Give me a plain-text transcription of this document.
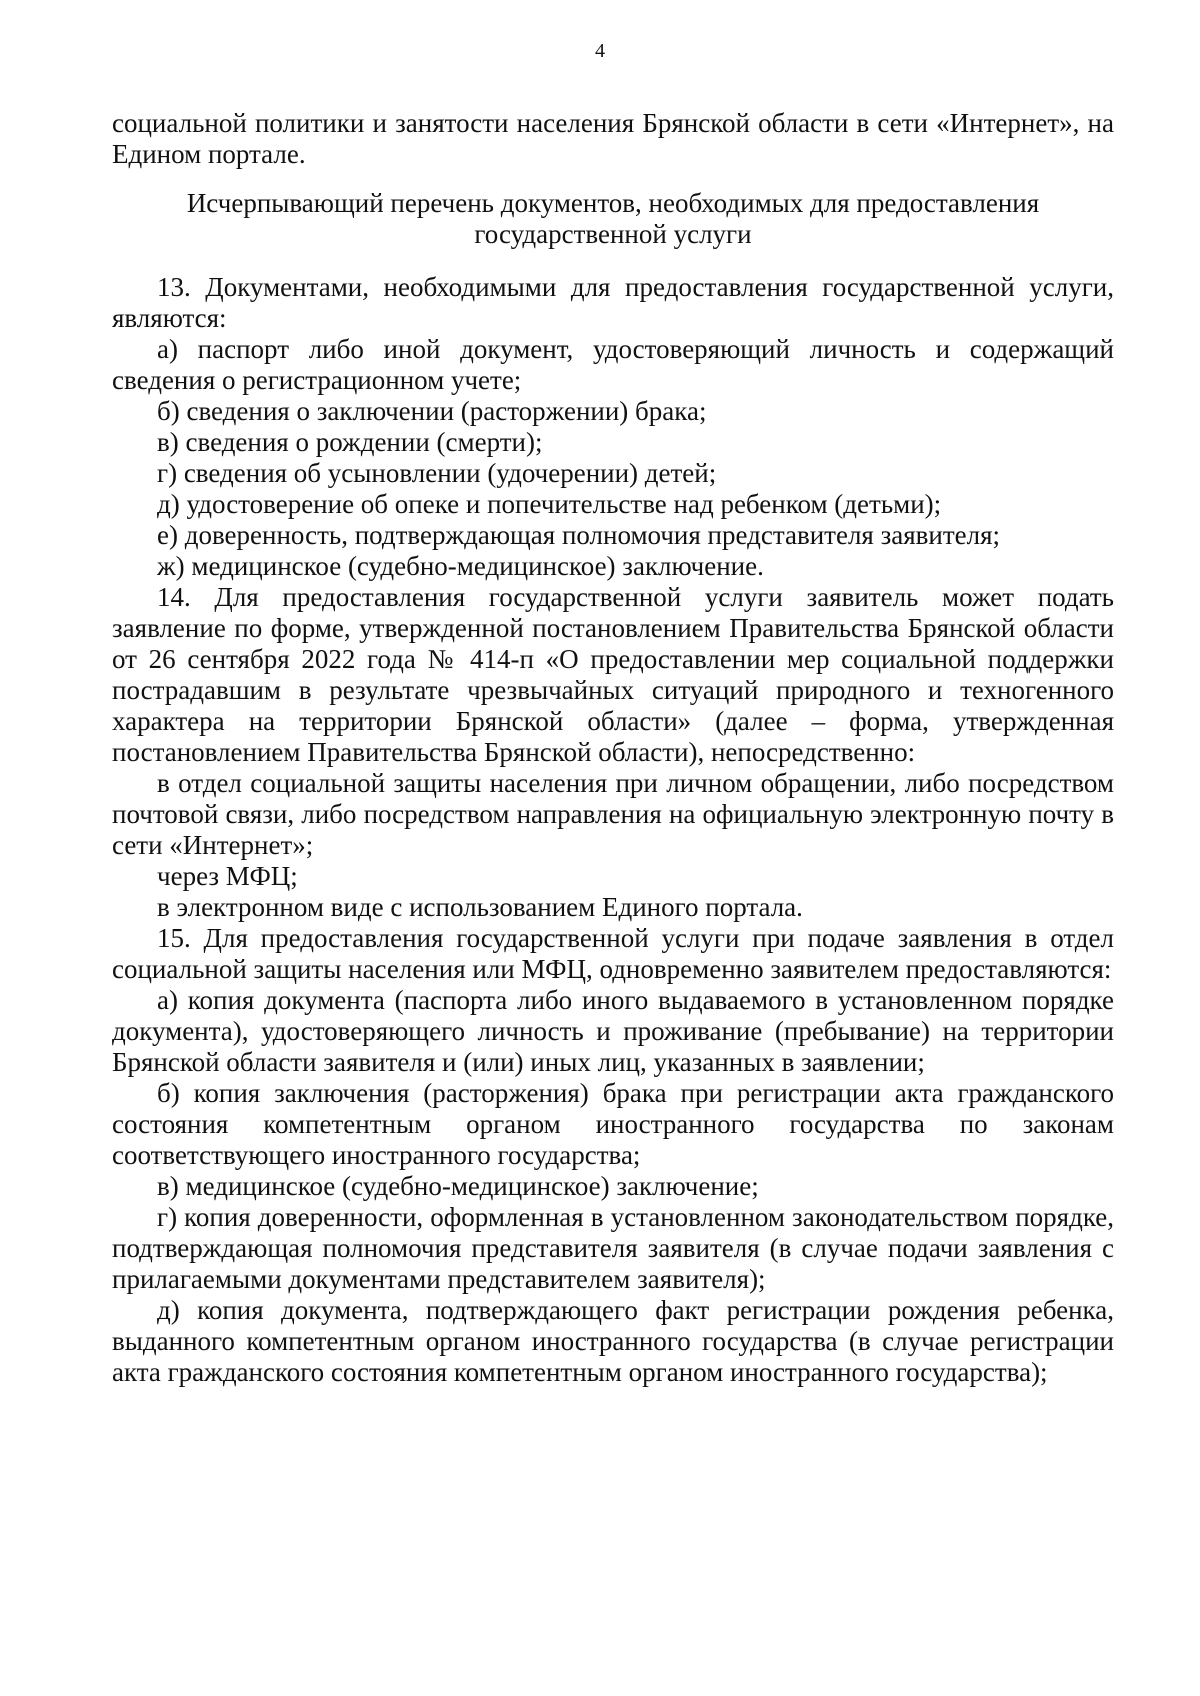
4

социальной политики и занятости населения Брянской области в сети «Интернет», на Едином портале.

Исчерпывающий перечень документов, необходимых для предоставления
государственной услуги

13. Документами, необходимыми для предоставления государственной услуги, являются:

а) паспорт либо иной документ, удостоверяющий личность и содержащий сведения о регистрационном учете;

б) сведения о заключении (расторжении) брака;

в) сведения о рождении (смерти);

г) сведения об усыновлении (удочерении) детей;

д) удостоверение об опеке и попечительстве над ребенком (детьми);

е) доверенность, подтверждающая полномочия представителя заявителя;

ж) медицинское (судебно-медицинское) заключение.

14. Для предоставления государственной услуги заявитель может подать заявление по форме, утвержденной постановлением Правительства Брянской области от 26 сентября 2022 года № 414-п «О предоставлении мер социальной поддержки пострадавшим в результате чрезвычайных ситуаций природного и техногенного характера на территории Брянской области» (далее – форма, утвержденная постановлением Правительства Брянской области), непосредственно:

в отдел социальной защиты населения при личном обращении, либо посредством почтовой связи, либо посредством направления на официальную электронную почту в сети «Интернет»;

через МФЦ;

в электронном виде с использованием Единого портала.

15. Для предоставления государственной услуги при подаче заявления в отдел социальной защиты населения или МФЦ, одновременно заявителем предоставляются:

а) копия документа (паспорта либо иного выдаваемого в установленном порядке документа), удостоверяющего личность и проживание (пребывание) на территории Брянской области заявителя и (или) иных лиц, указанных в заявлении;

б) копия заключения (расторжения) брака при регистрации акта гражданского состояния компетентным органом иностранного государства по законам соответствующего иностранного государства;

в) медицинское (судебно-медицинское) заключение;

г) копия доверенности, оформленная в установленном законодательством порядке, подтверждающая полномочия представителя заявителя (в случае подачи заявления с прилагаемыми документами представителем заявителя);

д) копия документа, подтверждающего факт регистрации рождения ребенка, выданного компетентным органом иностранного государства (в случае регистрации акта гражданского состояния компетентным органом иностранного государства);
